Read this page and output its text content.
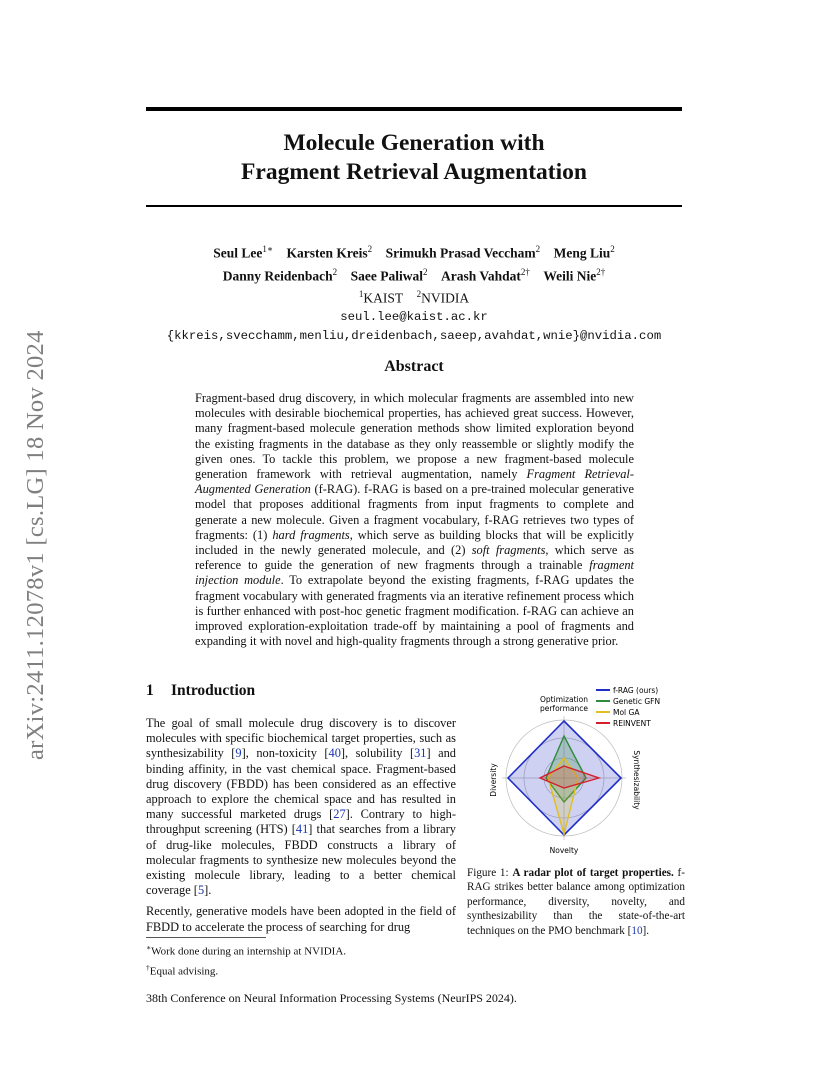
arXiv:2411.12078v1 [cs.LG] 18 Nov 2024
Molecule Generation with
Fragment Retrieval Augmentation
Seul Lee$^{1∗}$ Karsten Kreis$^2$ Srimukh Prasad Veccham$^2$ Meng Liu$^2$
Danny Reidenbach$^2$ Saee Paliwal$^2$ Arash Vahdat$^{2\dagger}$ Weili Nie$^{2\dagger}$
$^1$KAIST $^2$NVIDIA
seul.lee@kaist.ac.kr
{kkreis,svecchamm,menliu,dreidenbach,saeep,avahdat,wnie}@nvidia.com
Abstract
Fragment-based drug discovery, in which molecular fragments are assembled into new molecules with desirable biochemical properties, has achieved great success. However, many fragment-based molecule generation methods show limited exploration beyond the existing fragments in the database as they only reassemble or slightly modify the given ones. To tackle this problem, we propose a new fragment-based molecule generation framework with retrieval augmentation, namely Fragment Retrieval-Augmented Generation (f-RAG). f-RAG is based on a pre-trained molecular generative model that proposes additional fragments from input fragments to complete and generate a new molecule. Given a fragment vocabulary, f-RAG retrieves two types of fragments: (1) hard fragments, which serve as building blocks that will be explicitly included in the newly generated molecule, and (2) soft fragments, which serve as reference to guide the generation of new fragments through a trainable fragment injection module. To extrapolate beyond the existing fragments, f-RAG updates the fragment vocabulary with generated fragments via an iterative refinement process which is further enhanced with post-hoc genetic fragment modification. f-RAG can achieve an improved exploration-exploitation trade-off by maintaining a pool of fragments and expanding it with novel and high-quality fragments through a strong generative prior.
1 Introduction

The goal of small molecule drug discovery is to discover molecules with specific biochemical target properties, such as synthesizability [9], non-toxicity [40], solubility [31] and binding affinity, in the vast chemical space. Fragment-based drug discovery (FBDD) has been considered as an effective approach to explore the chemical space and has resulted in many successful marketed drugs [27]. Contrary to high-throughput screening (HTS) [41] that searches from a library of drug-like molecules, FBDD constructs a library of molecular fragments to synthesize new molecules beyond the existing molecule library, leading to a better chemical coverage [5].

Recently, generative models have been adopted in the field of FBDD to accelerate the process of searching for drug

Optimization performance
Diversity	Synthesizability
Novelty
f-RAG (ours)
Genetic GFN
Mol GA
REINVENT
Figure 1: A radar plot of target properties. f-RAG strikes better balance among optimization performance, diversity, novelty, and synthesizability than the state-of-the-art techniques on the PMO benchmark [10].
∗Work done during an internship at NVIDIA.
†Equal advising.
38th Conference on Neural Information Processing Systems (NeurIPS 2024).
